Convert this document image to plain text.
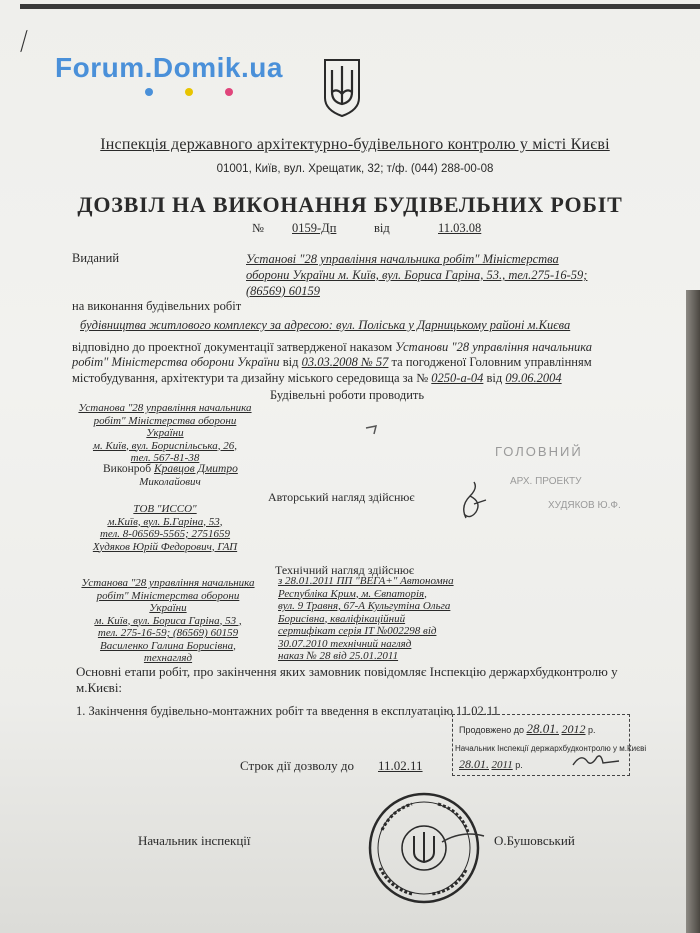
⁄
Forum.Domik.ua
Інспекція державного архітектурно-будівельного контролю у місті Києві
01001, Київ, вул. Хрещатик, 32; т/ф. (044) 288-00-08
ДОЗВІЛ НА ВИКОНАННЯ БУДІВЕЛЬНИХ РОБІТ
№ 0159-Дп	від	11.03.08
Виданий	Установі "28 управління начальника робіт" Міністерства
оборони України м. Київ, вул. Бориса Гаріна, 53., тел.275-16-59;
(86569) 60159
на виконання будівельних робіт
будівництва житлового комплексу за адресою: вул. Поліська у Дарницькому районі м.Києва
відповідно до проектної документації затвердженої наказом Установи "28 управління начальника
робіт" Міністерства оборони України від 03.03.2008 № 57 та погодженої Головним управлінням
містобудування, архітектури та дизайну міського середовища за № 0250-а-04 від 09.06.2004
Будівельні роботи проводить
Установа "28 управління начальника
робіт" Міністерства оборони
України
м. Київ, вул. Бориспільська, 26,
тел. 567-81-38
Виконроб Кравцов Дмитро
Миколайович
ГОЛОВНИЙ
АРХ. ПРОЕКТУ
ХУДЯКОВ Ю.Ф.
Авторський нагляд здійснює
ТОВ "ИССО"
м.Київ, вул. Б.Гаріна, 53,
тел. 8-06569-5565; 2751659
Худяков Юрій Федорович, ГАП
Технічний нагляд здійснює
Установа "28 управління начальника
робіт" Міністерства оборони
України
м. Київ, вул. Бориса Гаріна, 53 ,
тел. 275-16-59; (86569) 60159
Василенко Галина Борисівна,
технагляд
з 28.01.2011 ПП "ВЕГА+" Автономна
Республіка Крим, м. Євпаторія,
вул. 9 Травня, 67-А Кульгутіна Ольга
Борисівна, кваліфікаційний
сертифікат серія ІТ №002298 від
30.07.2010 технічний нагляд
наказ № 28 від 25.01.2011
Основні етапи робіт, про закінчення яких замовник повідомляє Інспекцію держархбудконтролю у
м.Києві:
1. Закінчення будівельно-монтажних робіт та введення в експлуатацію 11.02.11
Продовжено до 28.01. 2012 р.
Начальник Інспекції держархбудконтролю у м.Києві
28.01. 2011 р.
Строк дії дозволу до 11.02.11
Начальник інспекції	О.Бушовський
